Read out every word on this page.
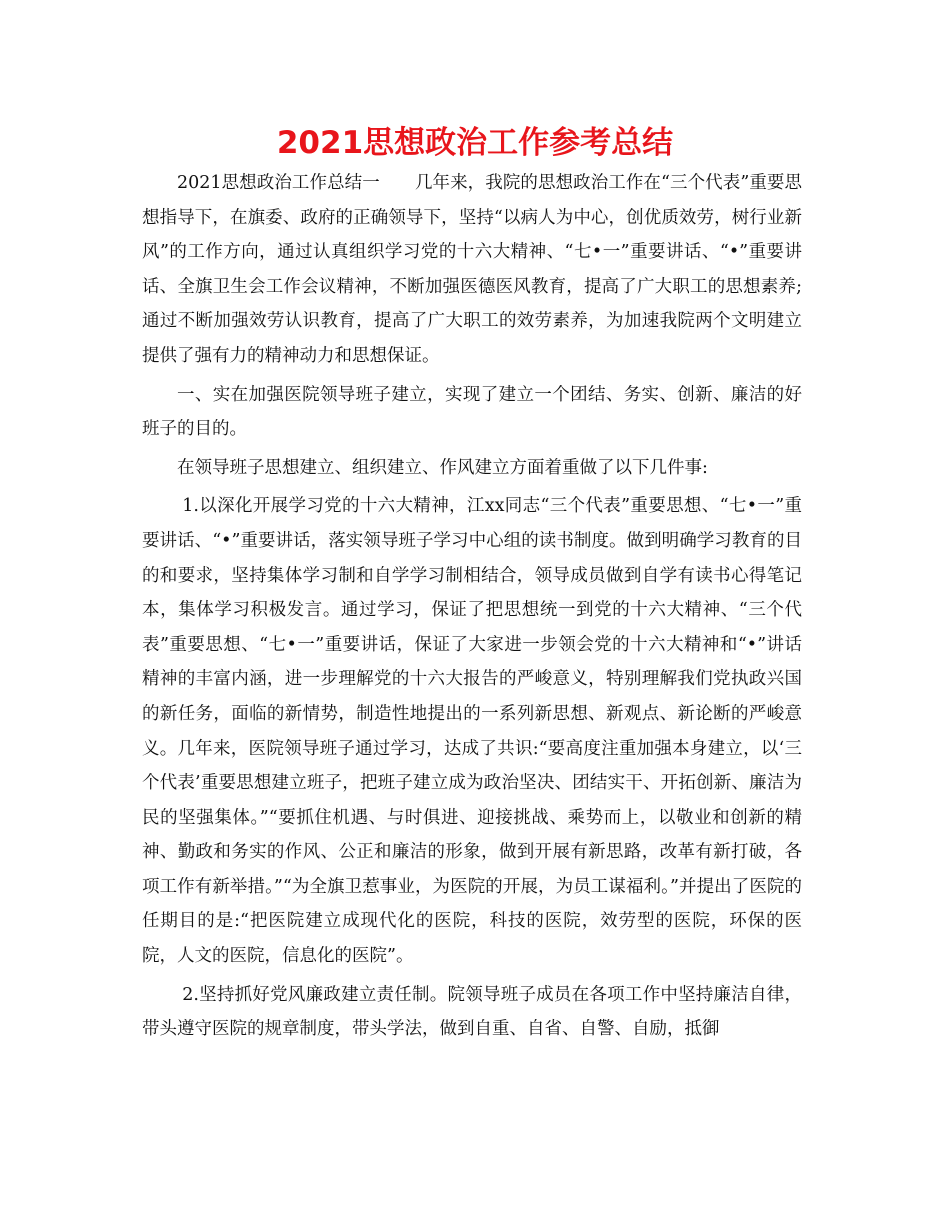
2021思想政治工作参考总结

2021思想政治工作总结一　　几年来，我院的思想政治工作在“三个代表”重要思想指导下，在旗委、政府的正确领导下，坚持“以病人为中心，创优质效劳，树行业新风”的工作方向，通过认真组织学习党的十六大精神、“七•一”重要讲话、“•”重要讲话、全旗卫生会工作会议精神，不断加强医德医风教育，提高了广大职工的思想素养;通过不断加强效劳认识教育，提高了广大职工的效劳素养，为加速我院两个文明建立提供了强有力的精神动力和思想保证。

一、实在加强医院领导班子建立，实现了建立一个团结、务实、创新、廉洁的好班子的目的。

在领导班子思想建立、组织建立、作风建立方面着重做了以下几件事:

1.以深化开展学习党的十六大精神，江xx同志“三个代表”重要思想、“七•一”重要讲话、“•”重要讲话，落实领导班子学习中心组的读书制度。做到明确学习教育的目的和要求，坚持集体学习制和自学学习制相结合，领导成员做到自学有读书心得笔记本，集体学习积极发言。通过学习，保证了把思想统一到党的十六大精神、“三个代表”重要思想、“七•一”重要讲话，保证了大家进一步领会党的十六大精神和“•”讲话精神的丰富内涵，进一步理解党的十六大报告的严峻意义，特别理解我们党执政兴国的新任务，面临的新情势，制造性地提出的一系列新思想、新观点、新论断的严峻意义。几年来，医院领导班子通过学习，达成了共识:“要高度注重加强本身建立，以‘三个代表’重要思想建立班子，把班子建立成为政治坚决、团结实干、开拓创新、廉洁为民的坚强集体。”“要抓住机遇、与时俱进、迎接挑战、乘势而上，以敬业和创新的精神、勤政和务实的作风、公正和廉洁的形象，做到开展有新思路，改革有新打破，各项工作有新举措。”“为全旗卫惹事业，为医院的开展，为员工谋福利。”并提出了医院的任期目的是:“把医院建立成现代化的医院，科技的医院，效劳型的医院，环保的医院，人文的医院，信息化的医院”。

2.坚持抓好党风廉政建立责任制。院领导班子成员在各项工作中坚持廉洁自律，带头遵守医院的规章制度，带头学法，做到自重、自省、自警、自励，抵御
